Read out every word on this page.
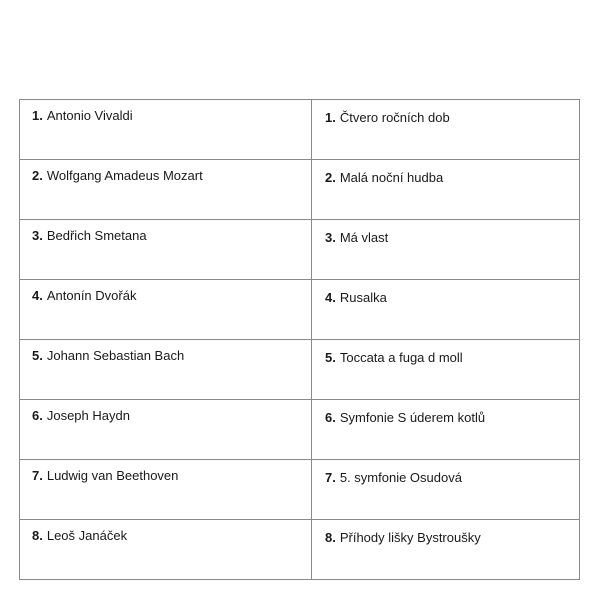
1. Antonio Vivaldi	1. Čtvero ročních dob
2. Wolfgang Amadeus Mozart	2. Malá noční hudba
3. Bedřich Smetana	3. Má vlast
4. Antonín Dvořák	4. Rusalka
5. Johann Sebastian Bach	5. Toccata a fuga d moll
6. Joseph Haydn	6. Symfonie S úderem kotlů
7. Ludwig van Beethoven	7. 5. symfonie Osudová
8. Leoš Janáček	8. Příhody lišky Bystroušky
